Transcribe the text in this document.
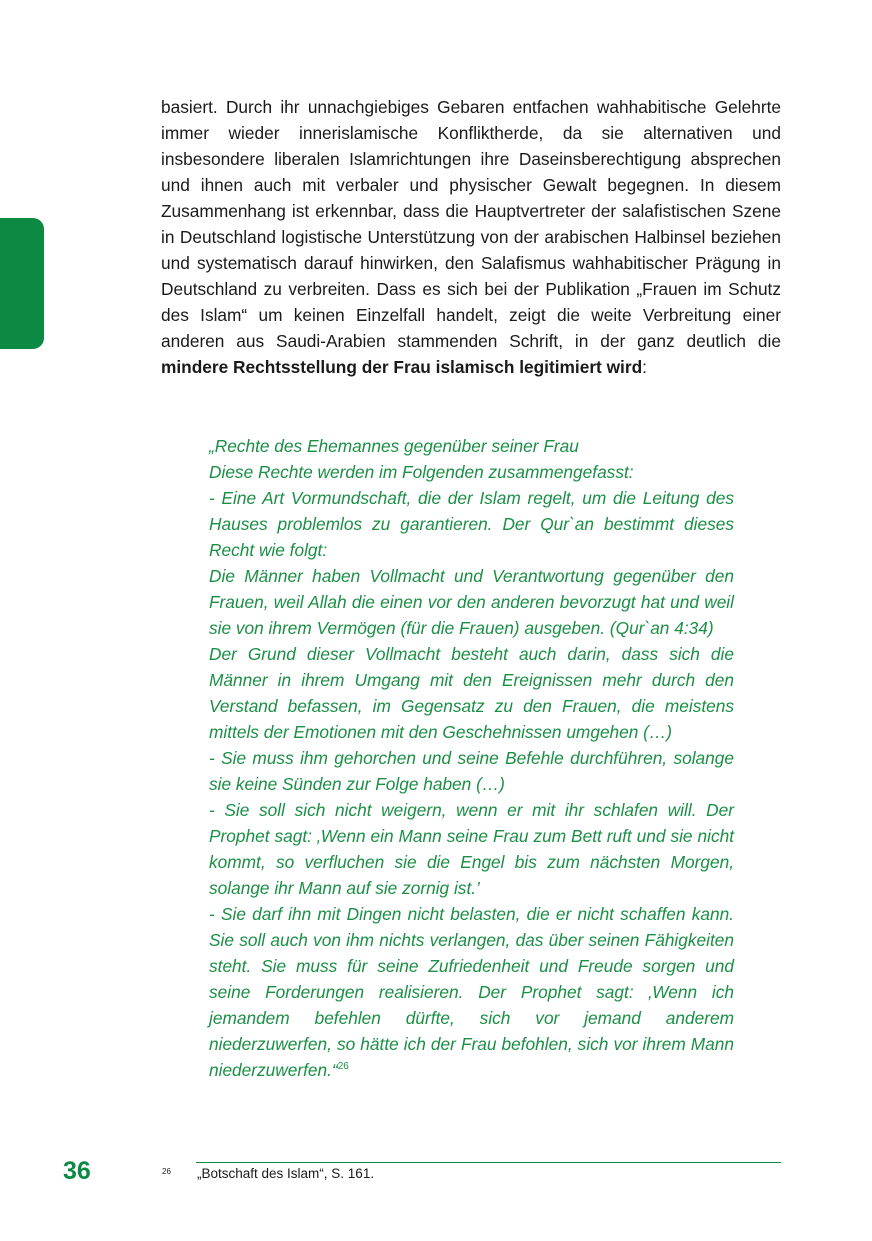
basiert. Durch ihr unnachgiebiges Gebaren entfachen wahhabitische Gelehrte immer wieder innerislamische Konfliktherde, da sie alternativen und insbesondere liberalen Islamrichtungen ihre Daseinsberechtigung absprechen und ihnen auch mit verbaler und physischer Gewalt begegnen. In diesem Zusammenhang ist erkennbar, dass die Hauptvertreter der salafistischen Szene in Deutschland logistische Unterstützung von der arabischen Halbinsel beziehen und systematisch darauf hinwirken, den Salafismus wahhabitischer Prägung in Deutschland zu verbreiten. Dass es sich bei der Publikation „Frauen im Schutz des Islam“ um keinen Einzelfall handelt, zeigt die weite Verbreitung einer anderen aus Saudi-Arabien stammenden Schrift, in der ganz deutlich die mindere Rechtsstellung der Frau islamisch legitimiert wird:

„Rechte des Ehemannes gegenüber seiner Frau
Diese Rechte werden im Folgenden zusammengefasst:
- Eine Art Vormundschaft, die der Islam regelt, um die Leitung des Hauses problemlos zu garantieren. Der Qur`an bestimmt dieses Recht wie folgt:
Die Männer haben Vollmacht und Verantwortung gegenüber den Frauen, weil Allah die einen vor den anderen bevorzugt hat und weil sie von ihrem Vermögen (für die Frauen) ausgeben. (Qur`an 4:34)
Der Grund dieser Vollmacht besteht auch darin, dass sich die Männer in ihrem Umgang mit den Ereignissen mehr durch den Verstand befassen, im Gegensatz zu den Frauen, die meistens mittels der Emotionen mit den Geschehnissen umgehen (…)
- Sie muss ihm gehorchen und seine Befehle durchführen, solange sie keine Sünden zur Folge haben (…)
- Sie soll sich nicht weigern, wenn er mit ihr schlafen will. Der Prophet sagt: ‚Wenn ein Mann seine Frau zum Bett ruft und sie nicht kommt, so verfluchen sie die Engel bis zum nächsten Morgen, solange ihr Mann auf sie zornig ist.’
- Sie darf ihn mit Dingen nicht belasten, die er nicht schaffen kann. Sie soll auch von ihm nichts verlangen, das über seinen Fähigkeiten steht. Sie muss für seine Zufriedenheit und Freude sorgen und seine Forderungen realisieren. Der Prophet sagt: ‚Wenn ich jemandem befehlen dürfte, sich vor jemand anderem niederzuwerfen, so hätte ich der Frau befohlen, sich vor ihrem Mann niederzuwerfen.“$^{26}$
36	26 „Botschaft des Islam“, S. 161.
